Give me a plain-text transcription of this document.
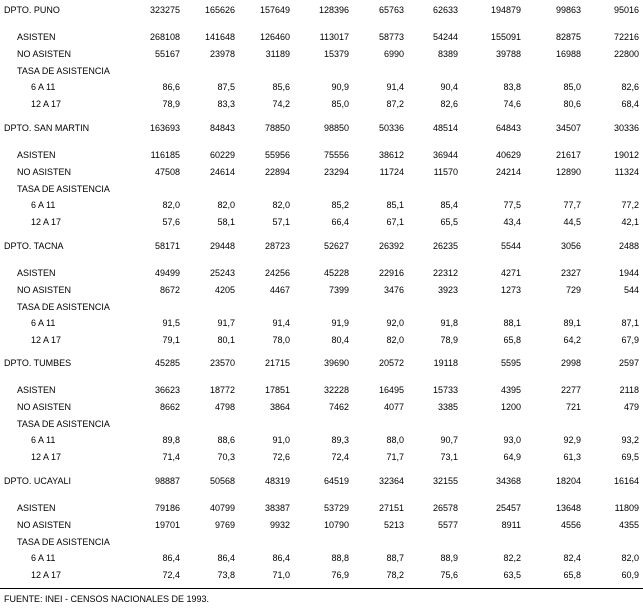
DPTO. PUNO	323275	165626	157649	128396	65763	62633	194879	99863	95016
ASISTEN	268108	141648	126460	113017	58773	54244	155091	82875	72216
NO ASISTEN	55167	23978	31189	15379	6990	8389	39788	16988	22800
TASA DE ASISTENCIA
6 A 11	86,6	87,5	85,6	90,9	91,4	90,4	83,8	85,0	82,6
12 A 17	78,9	83,3	74,2	85,0	87,2	82,6	74,6	80,6	68,4
DPTO. SAN MARTIN	163693	84843	78850	98850	50336	48514	64843	34507	30336
ASISTEN	116185	60229	55956	75556	38612	36944	40629	21617	19012
NO ASISTEN	47508	24614	22894	23294	11724	11570	24214	12890	11324
TASA DE ASISTENCIA
6 A 11	82,0	82,0	82,0	85,2	85,1	85,4	77,5	77,7	77,2
12 A 17	57,6	58,1	57,1	66,4	67,1	65,5	43,4	44,5	42,1
DPTO. TACNA	58171	29448	28723	52627	26392	26235	5544	3056	2488
ASISTEN	49499	25243	24256	45228	22916	22312	4271	2327	1944
NO ASISTEN	8672	4205	4467	7399	3476	3923	1273	729	544
TASA DE ASISTENCIA
6 A 11	91,5	91,7	91,4	91,9	92,0	91,8	88,1	89,1	87,1
12 A 17	79,1	80,1	78,0	80,4	82,0	78,9	65,8	64,2	67,9
DPTO. TUMBES	45285	23570	21715	39690	20572	19118	5595	2998	2597
ASISTEN	36623	18772	17851	32228	16495	15733	4395	2277	2118
NO ASISTEN	8662	4798	3864	7462	4077	3385	1200	721	479
TASA DE ASISTENCIA
6 A 11	89,8	88,6	91,0	89,3	88,0	90,7	93,0	92,9	93,2
12 A 17	71,4	70,3	72,6	72,4	71,7	73,1	64,9	61,3	69,5
DPTO. UCAYALI	98887	50568	48319	64519	32364	32155	34368	18204	16164
ASISTEN	79186	40799	38387	53729	27151	26578	25457	13648	11809
NO ASISTEN	19701	9769	9932	10790	5213	5577	8911	4556	4355
TASA DE ASISTENCIA
6 A 11	86,4	86,4	86,4	88,8	88,7	88,9	82,2	82,4	82,0
12 A 17	72,4	73,8	71,0	76,9	78,2	75,6	63,5	65,8	60,9
FUENTE: INEI - CENSOS NACIONALES DE 1993.
